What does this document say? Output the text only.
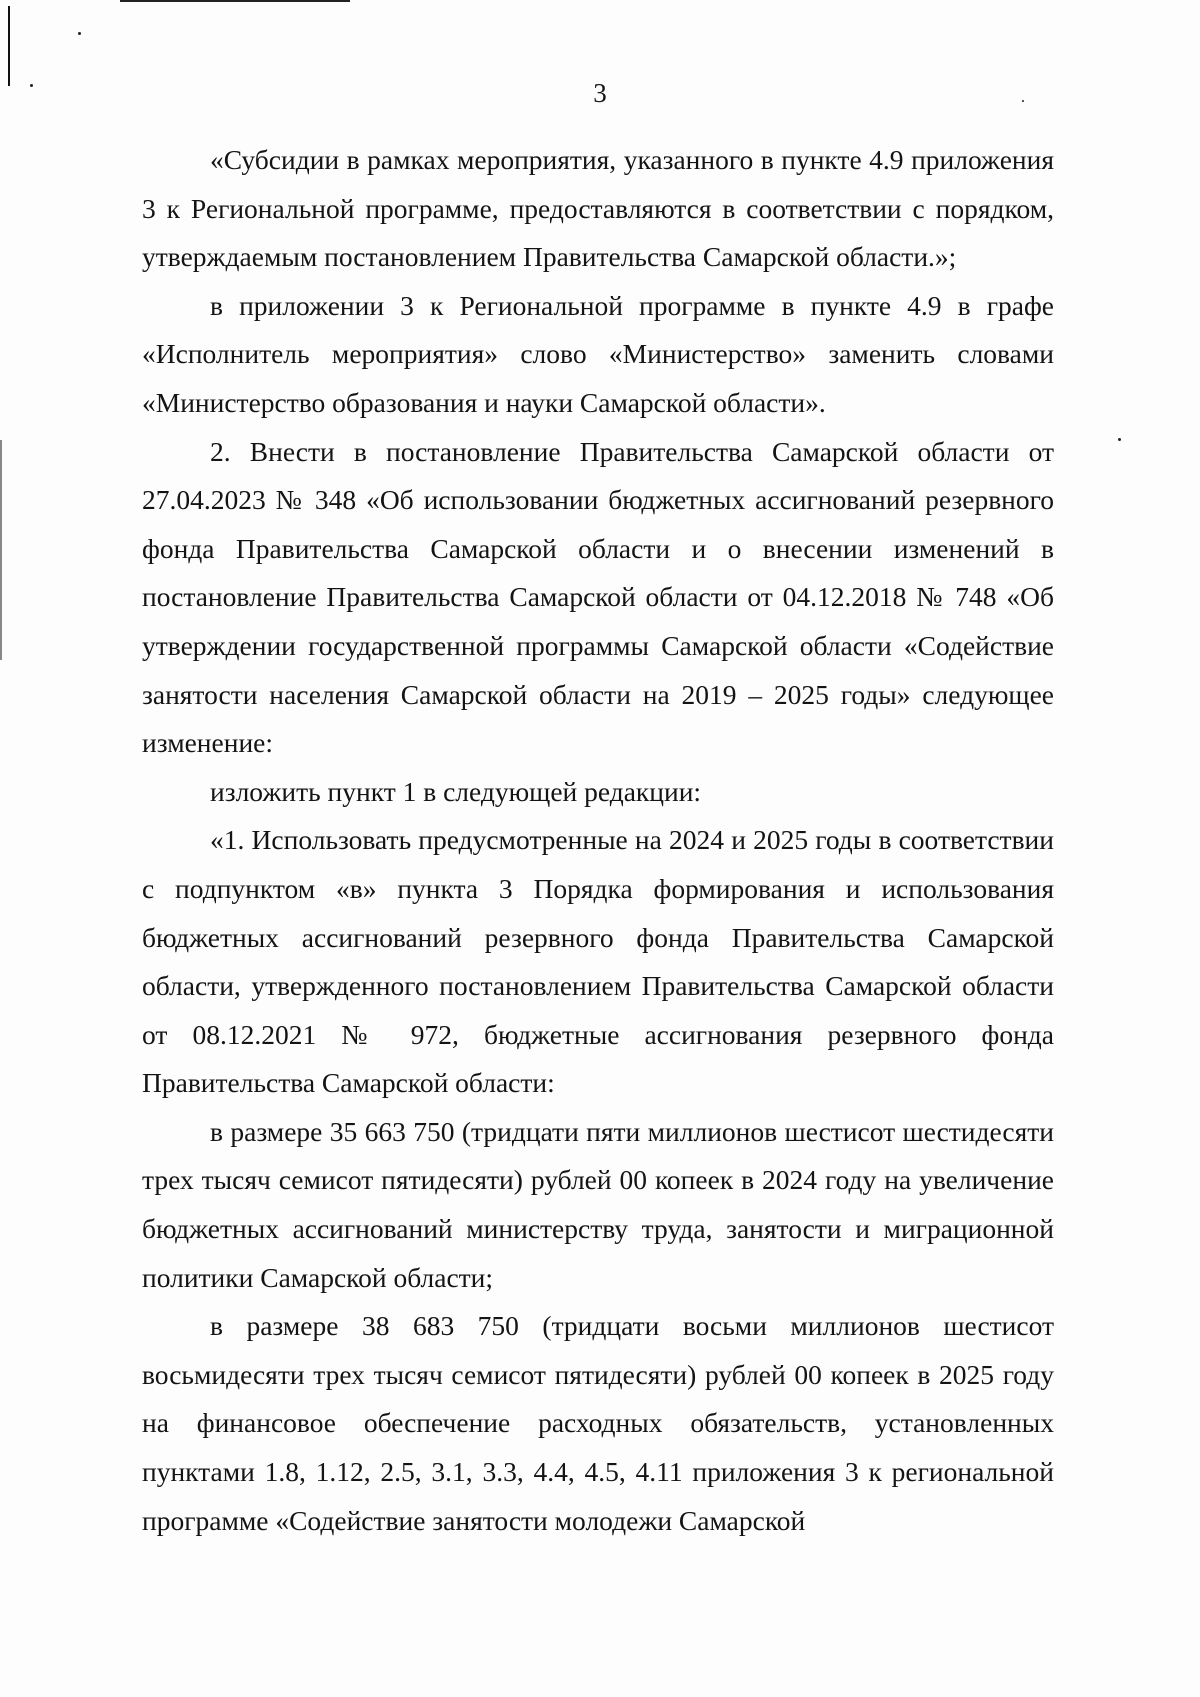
3

«Субсидии в рамках мероприятия, указанного в пункте 4.9 приложения 3 к Региональной программе, предоставляются в соответствии с порядком, утверждаемым постановлением Правительства Самарской области.»;

в приложении 3 к Региональной программе в пункте 4.9 в графе «Исполнитель мероприятия» слово «Министерство» заменить словами «Министерство образования и науки Самарской области».

2. Внести в постановление Правительства Самарской области от 27.04.2023 № 348 «Об использовании бюджетных ассигнований резервного фонда Правительства Самарской области и о внесении изменений в постановление Правительства Самарской области от 04.12.2018 № 748 «Об утверждении государственной программы Самарской области «Содействие занятости населения Самарской области на 2019 – 2025 годы» следующее изменение:

изложить пункт 1 в следующей редакции:

«1. Использовать предусмотренные на 2024 и 2025 годы в соответствии с подпунктом «в» пункта 3 Порядка формирования и использования бюджетных ассигнований резервного фонда Правительства Самарской области, утвержденного постановлением Правительства Самарской области от 08.12.2021 № 972, бюджетные ассигнования резервного фонда Правительства Самарской области:

в размере 35 663 750 (тридцати пяти миллионов шестисот шестидесяти трех тысяч семисот пятидесяти) рублей 00 копеек в 2024 году на увеличение бюджетных ассигнований министерству труда, занятости и миграционной политики Самарской области;

в размере 38 683 750 (тридцати восьми миллионов шестисот восьмидесяти трех тысяч семисот пятидесяти) рублей 00 копеек в 2025 году на финансовое обеспечение расходных обязательств, установленных пунктами 1.8, 1.12, 2.5, 3.1, 3.3, 4.4, 4.5, 4.11 приложения 3 к региональной программе «Содействие занятости молодежи Самарской
